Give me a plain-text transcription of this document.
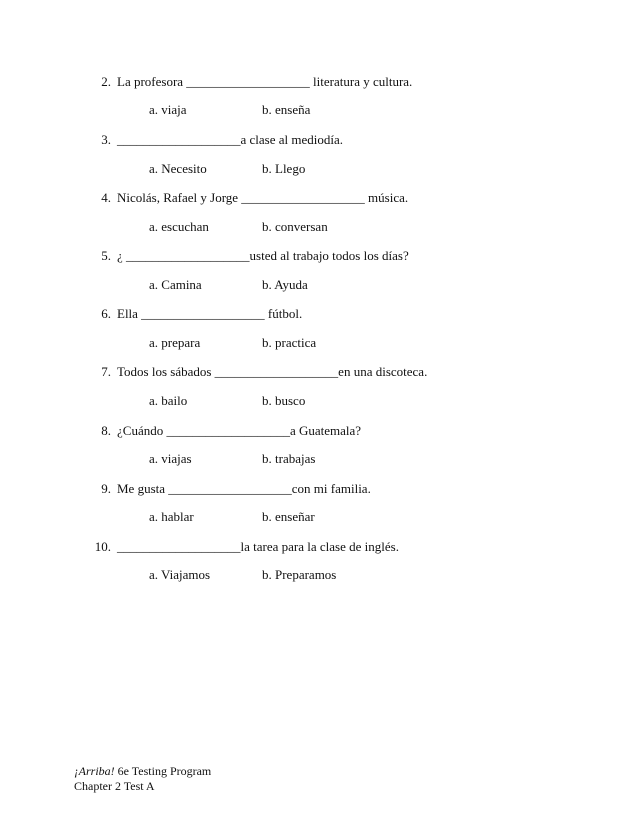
2. La profesora ___________________ literatura y cultura.
a. viaja	b. enseña
3. ___________________a clase al mediodía.
a. Necesito	b. Llego
4. Nicolás, Rafael y Jorge ___________________ música.
a. escuchan	b. conversan
5. ¿ ___________________usted al trabajo todos los días?
a. Camina	b. Ayuda
6. Ella ___________________ fútbol.
a. prepara	b. practica
7. Todos los sábados ___________________en una discoteca.
a. bailo	b. busco
8. ¿Cuándo ___________________a Guatemala?
a. viajas	b. trabajas
9. Me gusta ___________________con mi familia.
a. hablar	b. enseñar
10. ___________________la tarea para la clase de inglés.
a. Viajamos	b. Preparamos
¡Arriba! 6e Testing Program
Chapter 2 Test A
